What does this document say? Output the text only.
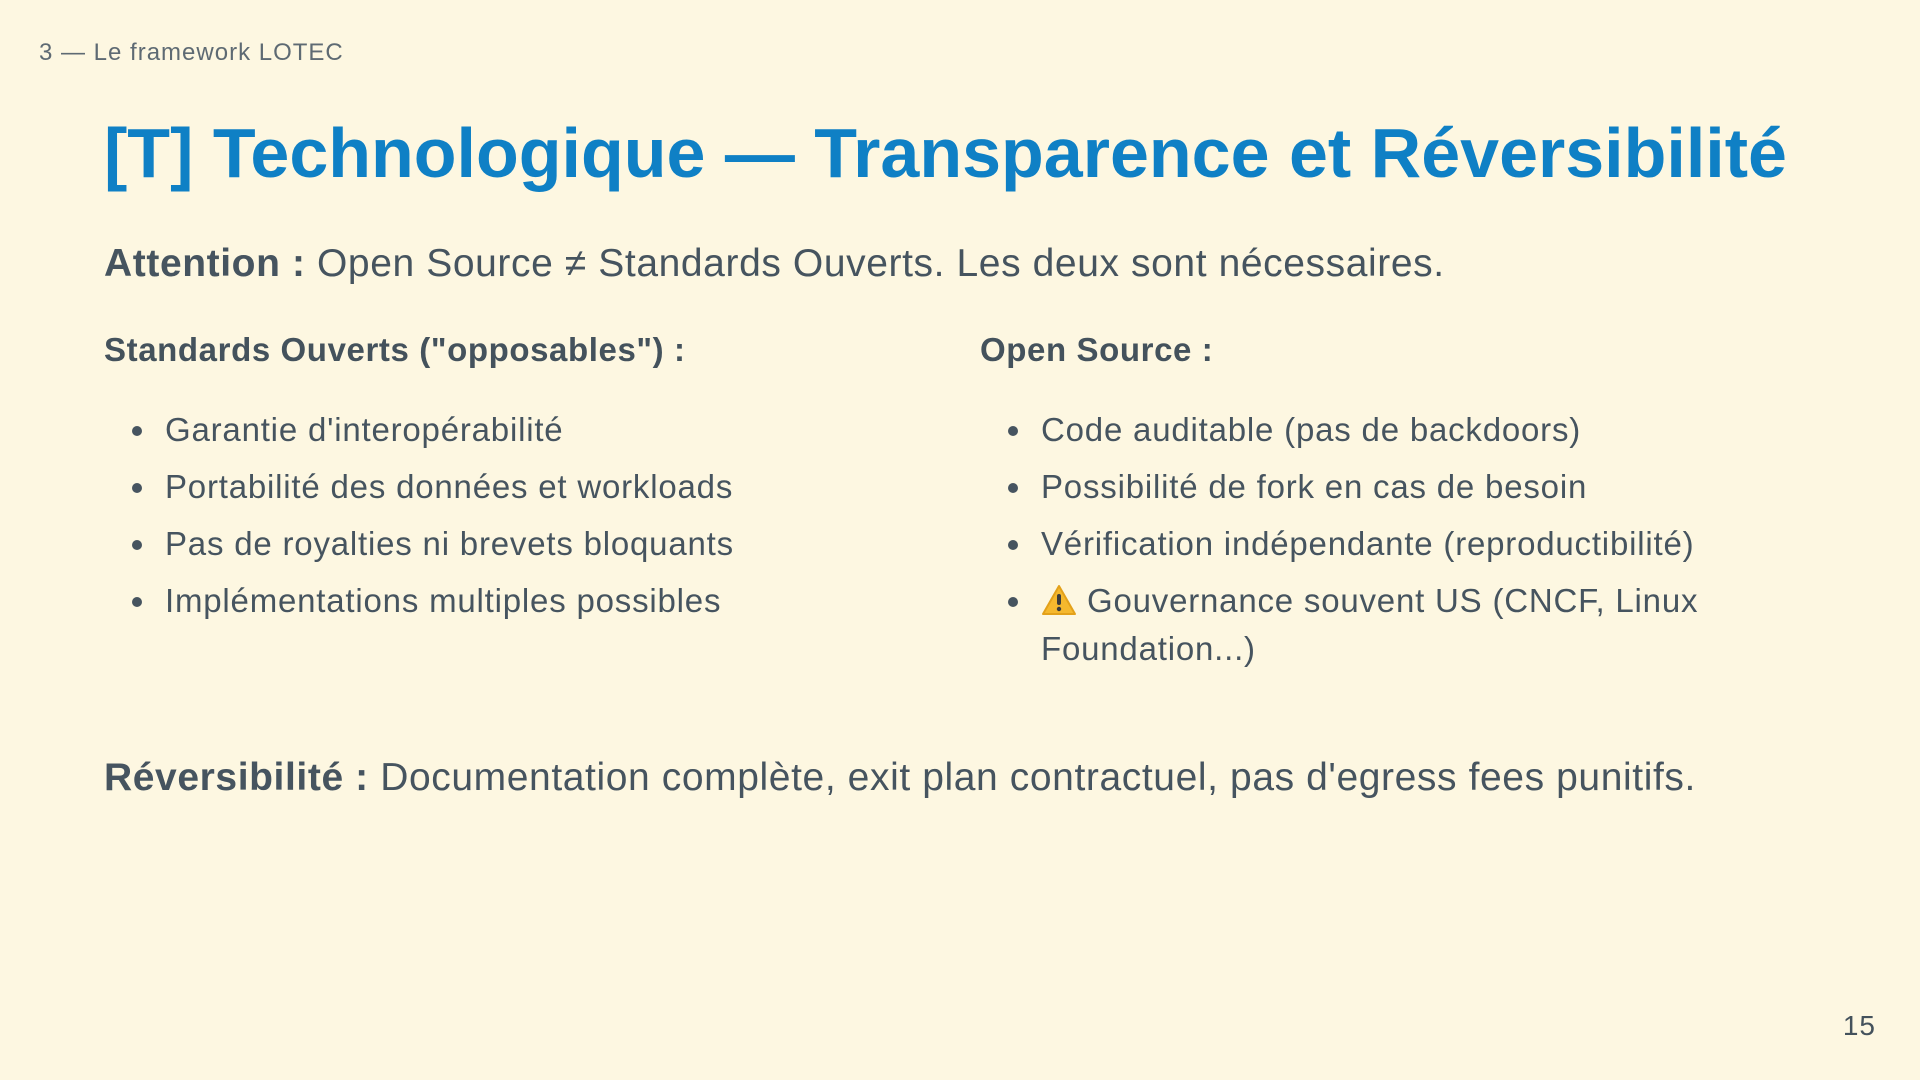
3 — Le framework LOTEC
[T] Technologique — Transparence et Réversibilité

Attention : Open Source ≠ Standards Ouverts. Les deux sont nécessaires.

Standards Ouverts ("opposables") :
Garantie d'interopérabilité
Portabilité des données et workloads
Pas de royalties ni brevets bloquants
Implémentations multiples possibles
Open Source :
Code auditable (pas de backdoors)
Possibilité de fork en cas de besoin
Vérification indépendante (reproductibilité)
Gouvernance souvent US (CNCF, Linux Foundation...)

Réversibilité : Documentation complète, exit plan contractuel, pas d'egress fees punitifs.

15
